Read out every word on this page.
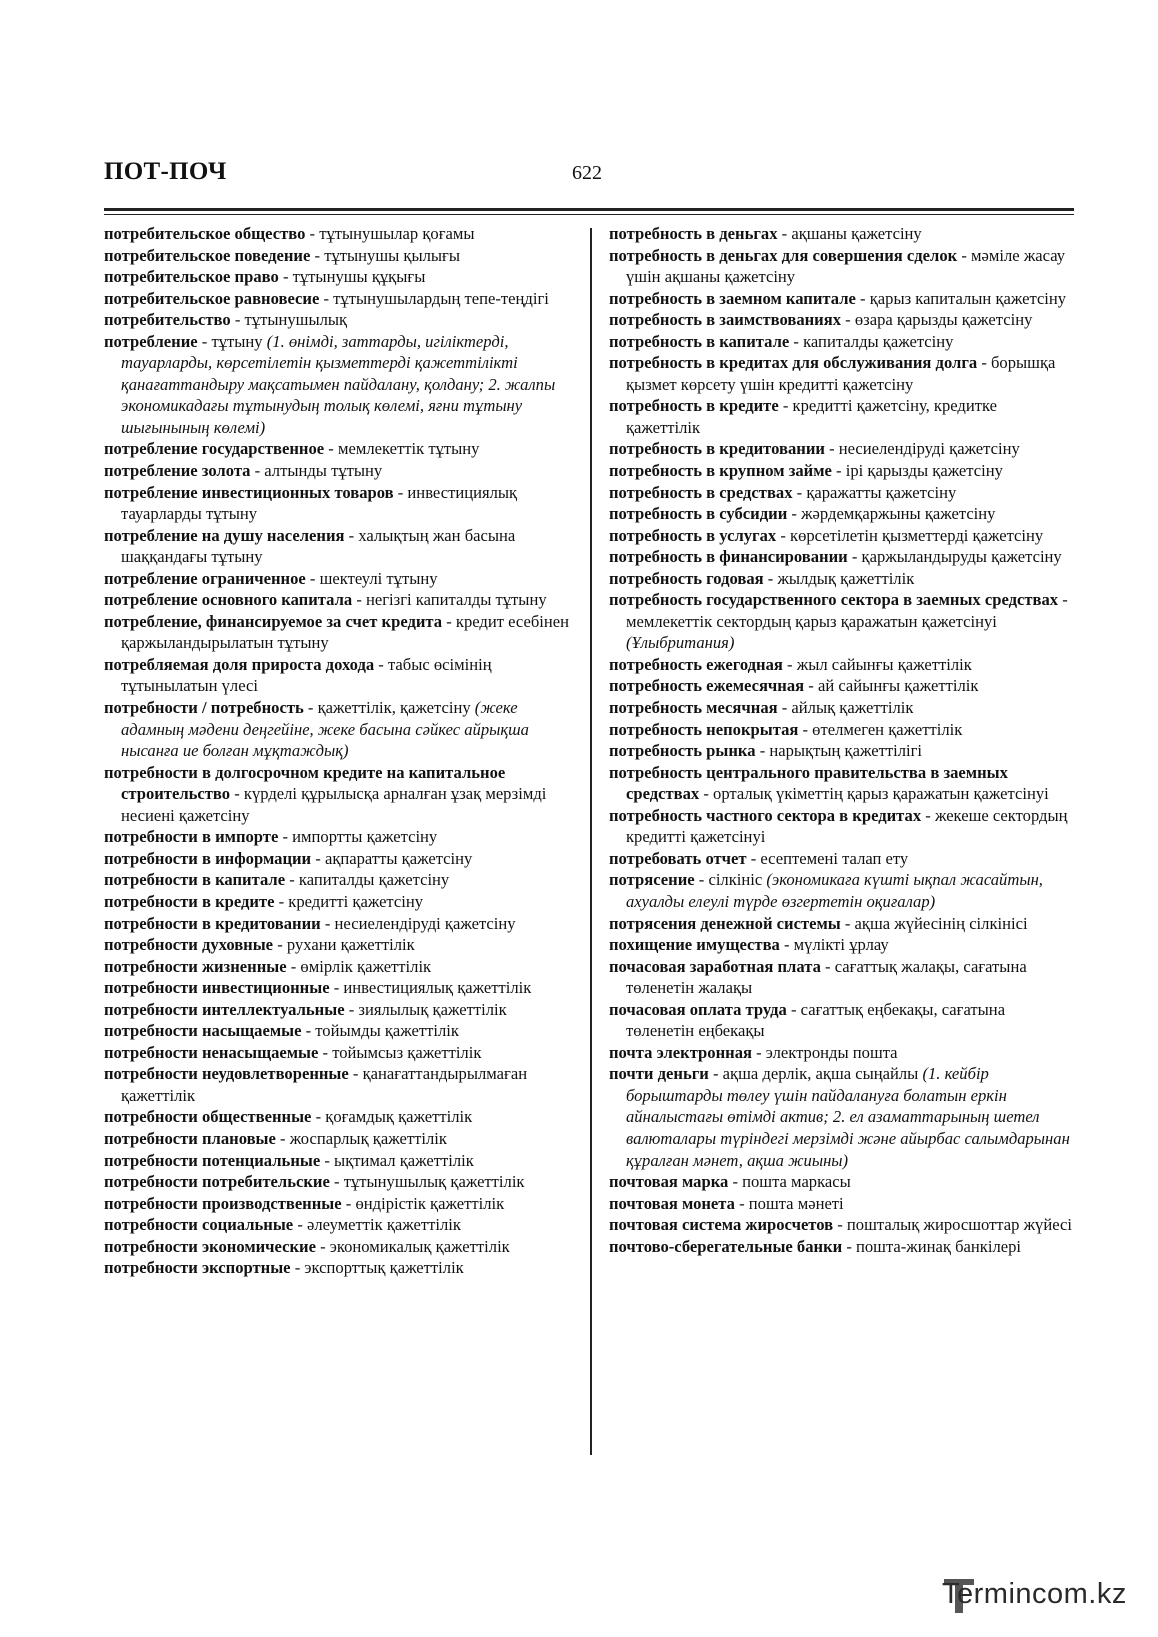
ПОТ-ПОЧ	622

потребительское общество - тұтынушылар қоғамы

потребительское поведение - тұтынушы қылығы

потребительское право - тұтынушы құқығы

потребительское равновесие - тұтынушылардың тепе-теңдігі

потребительство - тұтынушылық

потребление - тұтыну (1. өнімді, заттарды, игіліктерді, тауарларды, көрсетілетін қызметтерді қажеттілікті қанағаттандыру мақсатымен пайдалану, қолдану; 2. жалпы экономикадағы тұтынудың толық көлемі, яғни тұтыну шығынының көлемі)

потребление государственное - мемлекеттік тұтыну

потребление золота - алтынды тұтыну

потребление инвестиционных товаров - инвестициялық тауарларды тұтыну

потребление на душу населения - халықтың жан басына шаққандағы тұтыну

потребление ограниченное - шектеулі тұтыну

потребление основного капитала - негізгі капиталды тұтыну

потребление, финансируемое за счет кредита - кредит есебінен қаржыландырылатын тұтыну

потребляемая доля прироста дохода - табыс өсімінің тұтынылатын үлесі

потребности / потребность - қажеттілік, қажетсіну (жеке адамның мәдени деңгейіне, жеке басына сәйкес айрықша нысанға ие болған мұқтаждық)

потребности в долгосрочном кредите на капитальное строительство - күрделі құрылысқа арналған ұзақ мерзімді несиені қажетсіну

потребности в импорте - импортты қажетсіну

потребности в информации - ақпаратты қажетсіну

потребности в капитале - капиталды қажетсіну

потребности в кредите - кредитті қажетсіну

потребности в кредитовании - несиелендіруді қажетсіну

потребности духовные - рухани қажеттілік

потребности жизненные - өмірлік қажеттілік

потребности инвестиционные - инвестициялық қажеттілік

потребности интеллектуальные - зиялылық қажеттілік

потребности насыщаемые - тойымды қажеттілік

потребности ненасыщаемые - тойымсыз қажеттілік

потребности неудовлетворенные - қанағаттандырылмаған қажеттілік

потребности общественные - қоғамдық қажеттілік

потребности плановые - жоспарлық қажеттілік

потребности потенциальные - ықтимал қажеттілік

потребности потребительские - тұтынушылық қажеттілік

потребности производственные - өндірістік қажеттілік

потребности социальные - әлеуметтік қажеттілік

потребности экономические - экономикалық қажеттілік

потребности экспортные - экспорттық қажеттілік

потребность в деньгах - ақшаны қажетсіну

потребность в деньгах для совершения сделок - мәміле жасау үшін ақшаны қажетсіну

потребность в заемном капитале - қарыз капиталын қажетсіну

потребность в заимствованиях - өзара қарызды қажетсіну

потребность в капитале - капиталды қажетсіну

потребность в кредитах для обслуживания долга - борышқа қызмет көрсету үшін кредитті қажетсіну

потребность в кредите - кредитті қажетсіну, кредитке қажеттілік

потребность в кредитовании - несиелендіруді қажетсіну

потребность в крупном займе - ірі қарызды қажетсіну

потребность в средствах - қаражатты қажетсіну

потребность в субсидии - жәрдемқаржыны қажетсіну

потребность в услугах - көрсетілетін қызметтерді қажетсіну

потребность в финансировании - қаржыландыруды қажетсіну

потребность годовая - жылдық қажеттілік

потребность государственного сектора в заемных средствах - мемлекеттік сектордың қарыз қаражатын қажетсінуі (Ұлыбритания)

потребность ежегодная - жыл сайынғы қажеттілік

потребность ежемесячная - ай сайынғы қажеттілік

потребность месячная - айлық қажеттілік

потребность непокрытая - өтелмеген қажеттілік

потребность рынка - нарықтың қажеттілігі

потребность центрального правительства в заемных средствах - орталық үкіметтің қарыз қаражатын қажетсінуі

потребность частного сектора в кредитах - жекеше сектордың кредитті қажетсінуі

потребовать отчет - есептемені талап ету

потрясение - сілкініс (экономикаға күшті ықпал жасайтын, ахуалды елеулі түрде өзгертетін оқиғалар)

потрясения денежной системы - ақша жүйесінің сілкінісі

похищение имущества - мүлікті ұрлау

почасовая заработная плата - сағаттық жалақы, сағатына төленетін жалақы

почасовая оплата труда - сағаттық еңбекақы, сағатына төленетін еңбекақы

почта электронная - электронды пошта

почти деньги - ақша дерлік, ақша сыңайлы (1. кейбір борыштарды төлеу үшін пайдалануға болатын еркін айналыстағы өтімді актив; 2. ел азаматтарының шетел валюталары түріндегі мерзімді және айырбас салымдарынан құралған мәнет, ақша жиыны)

почтовая марка - пошта маркасы

почтовая монета - пошта мәнеті

почтовая система жиросчетов - пошталық жиросшоттар жүйесі

почтово-сберегательные банки - пошта-жинақ банкілері

Termincom.kz
